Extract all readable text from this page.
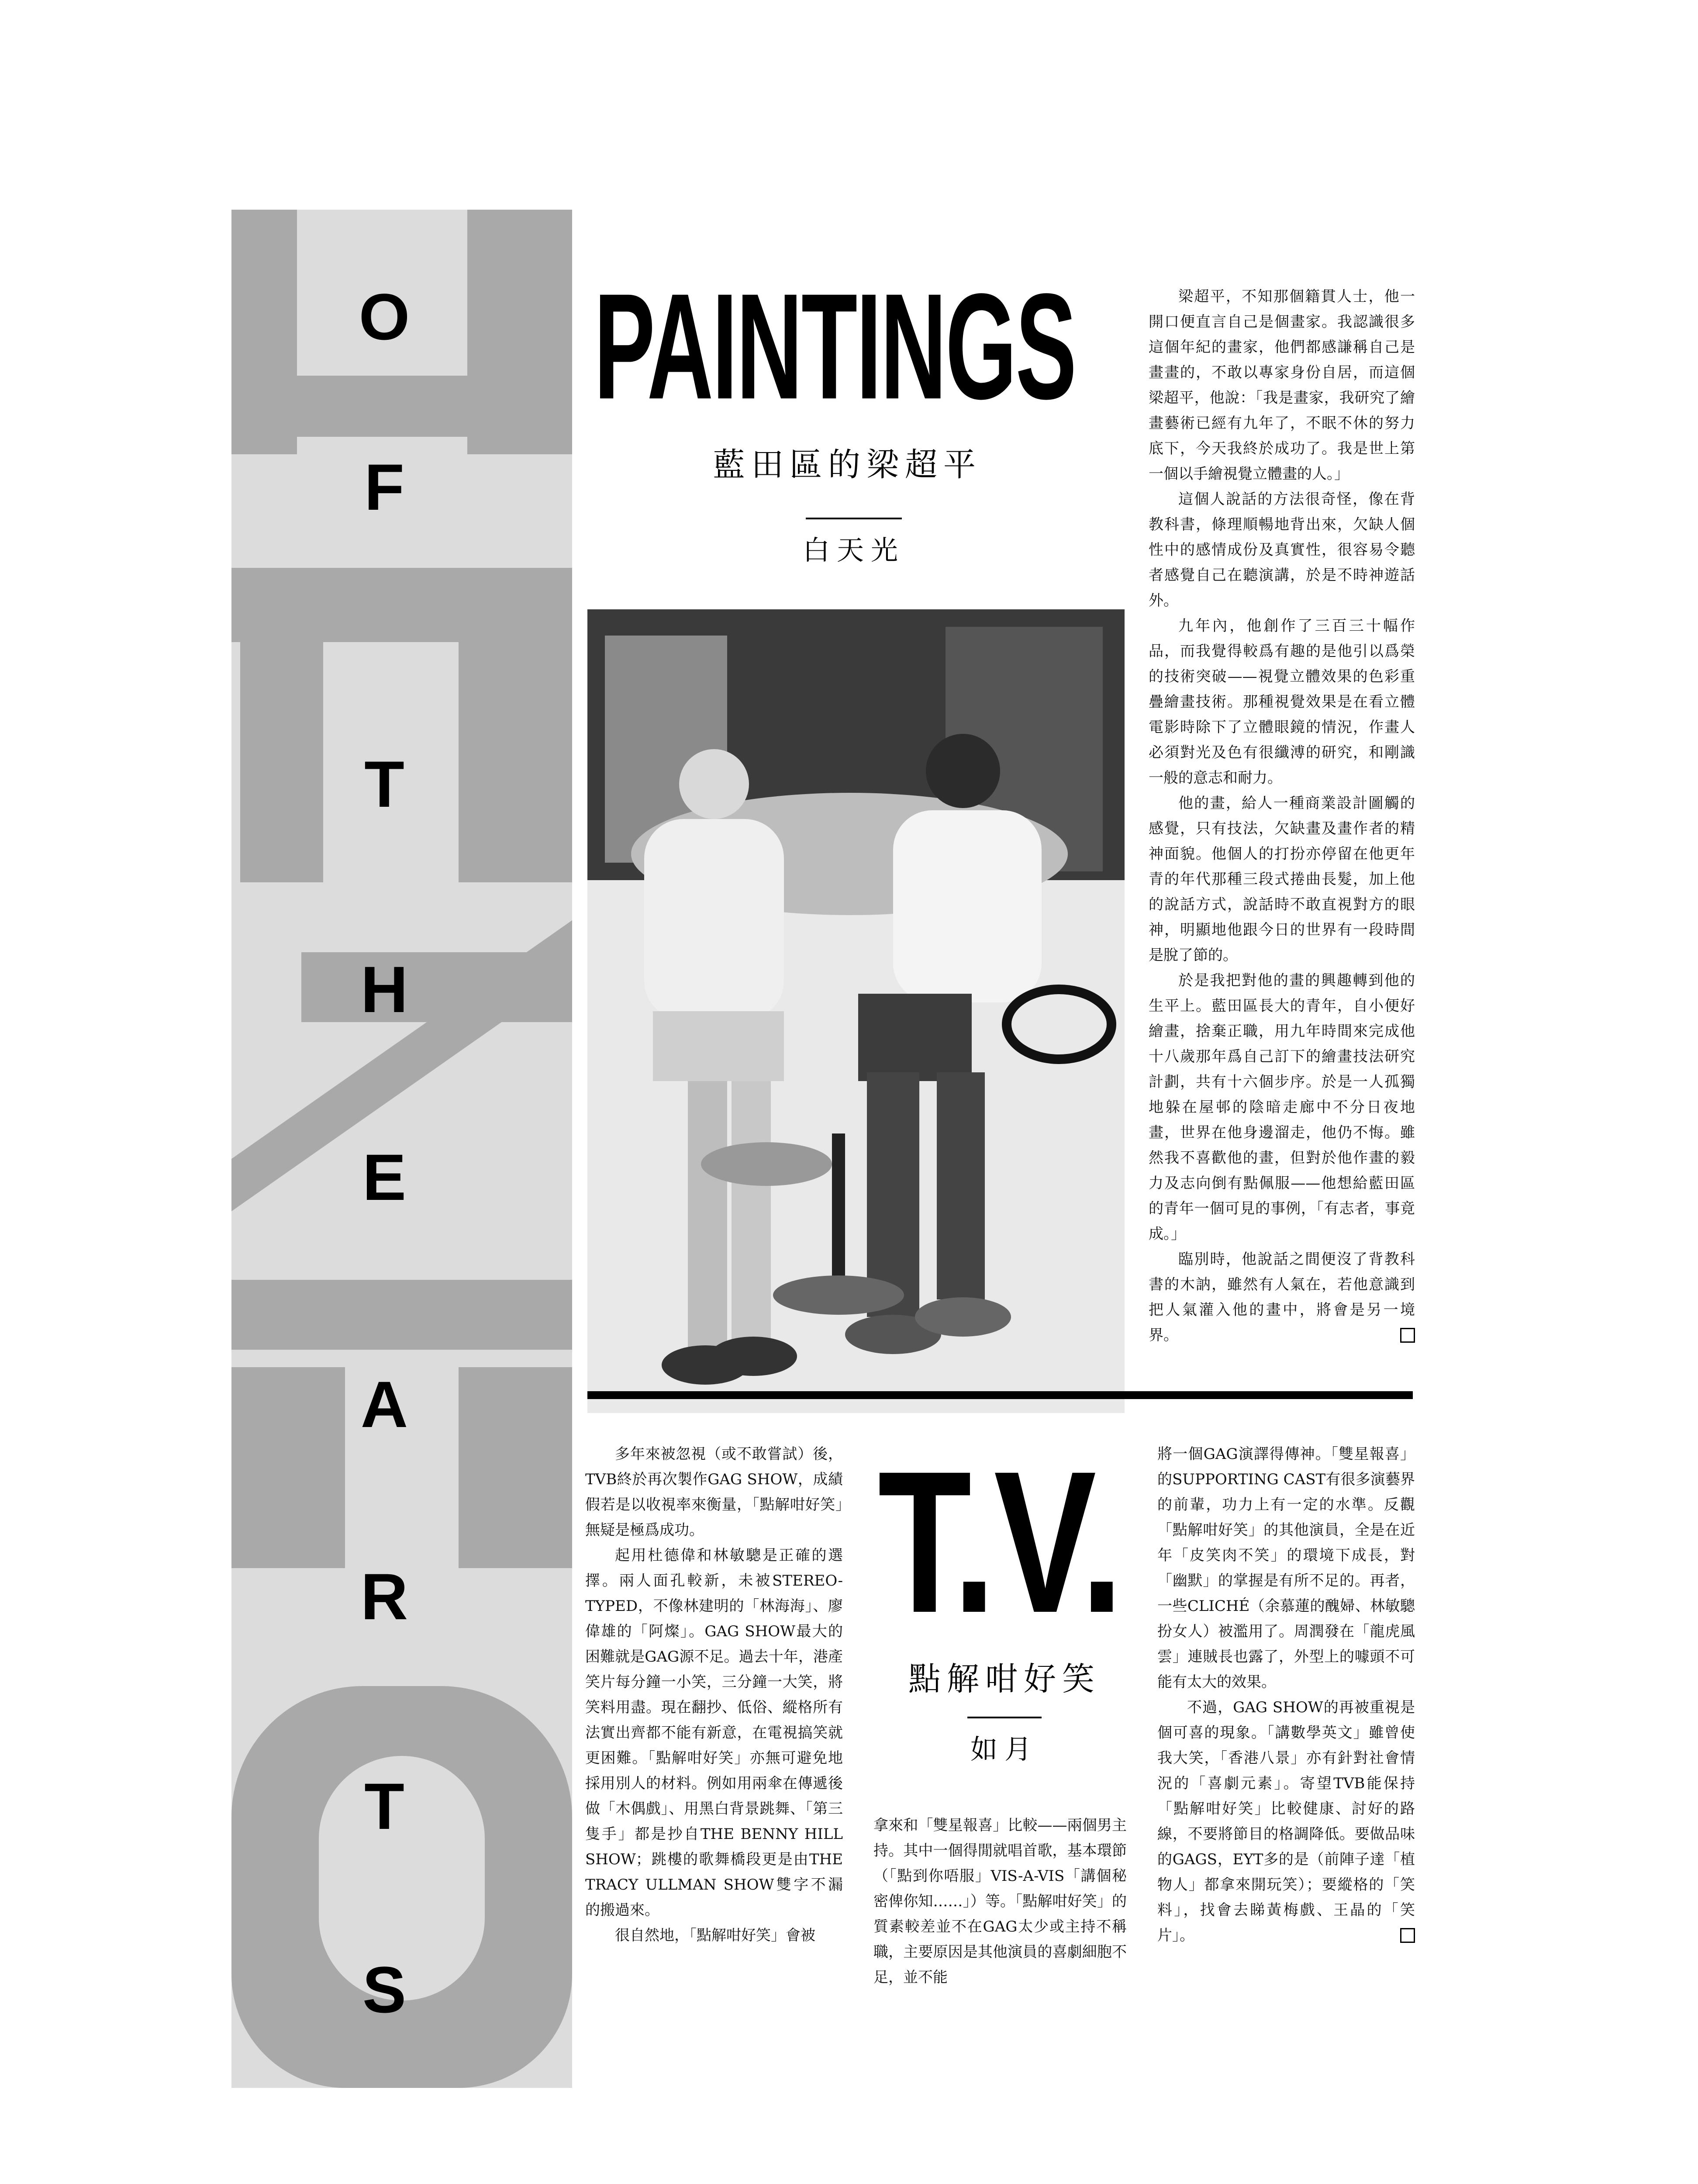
O
F
T
H
E
A
R
T
S
PAINTINGS
藍田區的梁超平
白天光

梁超平，不知那個籍貫人士，他一開口便直言自己是個畫家。我認識很多這個年紀的畫家，他們都感謙稱自己是畫畫的，不敢以專家身份自居，而這個梁超平，他說：「我是畫家，我研究了繪畫藝術已經有九年了，不眠不休的努力底下，今天我終於成功了。我是世上第一個以手繪視覺立體畫的人。」

這個人說話的方法很奇怪，像在背教科書，條理順暢地背出來，欠缺人個性中的感情成份及真實性，很容易令聽者感覺自己在聽演講，於是不時神遊話外。

九年內，他創作了三百三十幅作品，而我覺得較爲有趣的是他引以爲榮的技術突破——視覺立體效果的色彩重疊繪畫技術。那種視覺效果是在看立體電影時除下了立體眼鏡的情況，作畫人必須對光及色有很纖溥的研究，和剛識一般的意志和耐力。

他的畫，給人一種商業設計圖觸的感覺，只有技法，欠缺畫及畫作者的精神面貌。他個人的打扮亦停留在他更年青的年代那種三段式捲曲長髮，加上他的說話方式，說話時不敢直視對方的眼神，明顯地他跟今日的世界有一段時間是脫了節的。

於是我把對他的畫的興趣轉到他的生平上。藍田區長大的青年，自小便好繪畫，捨棄正職，用九年時間來完成他十八歲那年爲自己訂下的繪畫技法研究計劃，共有十六個步序。於是一人孤獨地躲在屋邨的陰暗走廊中不分日夜地畫，世界在他身邊溜走，他仍不悔。雖然我不喜歡他的畫，但對於他作畫的毅力及志向倒有點佩服——他想給藍田區的青年一個可見的事例，「有志者，事竟成。」

臨別時，他說話之間便沒了背教科書的木訥，雖然有人氣在，若他意識到把人氣灌入他的畫中，將會是另一境界。

多年來被忽視（或不敢嘗試）後，TVB終於再次製作GAG SHOW，成績假若是以收視率來衡量，「點解咁好笑」無疑是極爲成功。

起用杜德偉和林敏驄是正確的選擇。兩人面孔較新，未被STEREO-TYPED，不像林建明的「林海海」、廖偉雄的「阿燦」。GAG SHOW最大的困難就是GAG源不足。過去十年，港產笑片每分鐘一小笑，三分鐘一大笑，將笑料用盡。現在翻抄、低俗、縱格所有法實出齊都不能有新意，在電視搞笑就更困難。「點解咁好笑」亦無可避免地採用別人的材料。例如用兩傘在傳遞後做「木偶戲」、用黑白背景跳舞、「第三隻手」都是抄自THE BENNY HILL SHOW；跳樓的歌舞橋段更是由THE TRACY ULLMAN SHOW雙字不漏的搬過來。

很自然地，「點解咁好笑」會被

T.V.
點解咁好笑
如月

拿來和「雙星報喜」比較——兩個男主持。其中一個得閒就唱首歌，基本環節（「點到你唔服」VIS-A-VIS「講個秘密俾你知……」）等。「點解咁好笑」的質素較差並不在GAG太少或主持不稱職，主要原因是其他演員的喜劇細胞不足，並不能

將一個GAG演譯得傳神。「雙星報喜」的SUPPORTING CAST有很多演藝界的前輩，功力上有一定的水準。反觀「點解咁好笑」的其他演員，全是在近年「皮笑肉不笑」的環境下成長，對「幽默」的掌握是有所不足的。再者，一些CLICHÉ（余慕蓮的醜婦、林敏驄扮女人）被濫用了。周潤發在「龍虎風雲」連賊長也露了，外型上的噱頭不可能有太大的效果。

不過，GAG SHOW的再被重視是個可喜的現象。「講數學英文」雖曾使我大笑，「香港八景」亦有針對社會情況的「喜劇元素」。寄望TVB能保持「點解咁好笑」比較健康、討好的路線，不要將節目的格調降低。要做品味的GAGS，EYT多的是（前陣子達「植物人」都拿來開玩笑）；要縱格的「笑料」，找會去睇黃梅戲、王晶的「笑片」。
